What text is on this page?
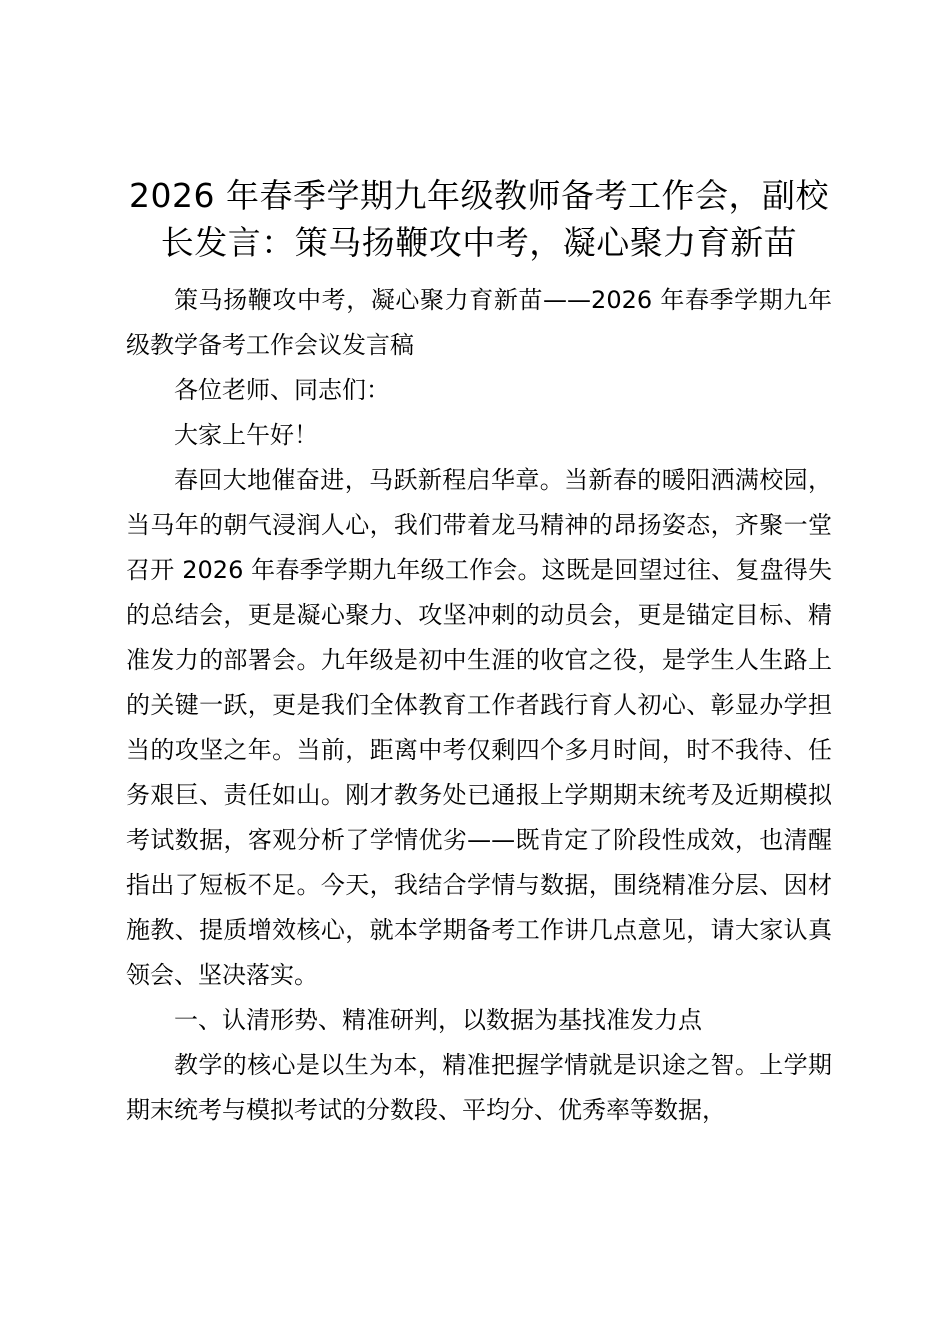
2026 年春季学期九年级教师备考工作会，副校长发言：策马扬鞭攻中考，凝心聚力育新苗

策马扬鞭攻中考，凝心聚力育新苗——2026 年春季学期九年级教学备考工作会议发言稿

各位老师、同志们：

大家上午好！

春回大地催奋进，马跃新程启华章。当新春的暖阳洒满校园，当马年的朝气浸润人心，我们带着龙马精神的昂扬姿态，齐聚一堂召开 2026 年春季学期九年级工作会。这既是回望过往、复盘得失的总结会，更是凝心聚力、攻坚冲刺的动员会，更是锚定目标、精准发力的部署会。九年级是初中生涯的收官之役，是学生人生路上的关键一跃，更是我们全体教育工作者践行育人初心、彰显办学担当的攻坚之年。当前，距离中考仅剩四个多月时间，时不我待、任务艰巨、责任如山。刚才教务处已通报上学期期末统考及近期模拟考试数据，客观分析了学情优劣——既肯定了阶段性成效，也清醒指出了短板不足。今天，我结合学情与数据，围绕精准分层、因材施教、提质增效核心，就本学期备考工作讲几点意见，请大家认真领会、坚决落实。

一、认清形势、精准研判，以数据为基找准发力点

教学的核心是以生为本，精准把握学情就是识途之智。上学期期末统考与模拟考试的分数段、平均分、优秀率等数据，
